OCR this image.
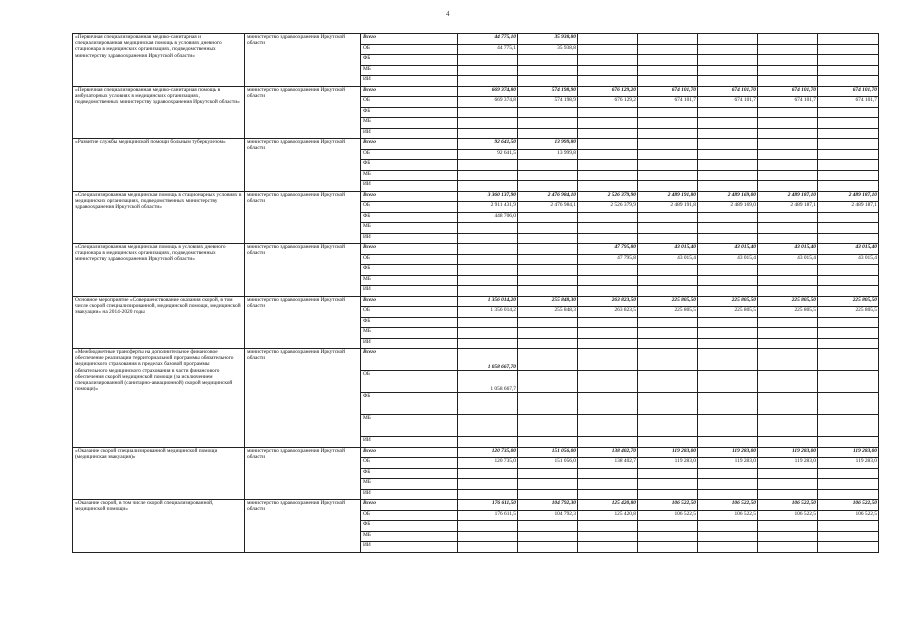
4
«Первичная специализированная медико-санитарная и специализированная медицинская помощь в условиях дневного стационара в медицинских организациях, подведомственных министерству здравоохранения Иркутской области»	министерство здравоохранения Иркутской области	Всего	44 775,10	35 938,80					
		ОБ	44 775,1	35 938,8					
		ФБ							
		МБ							
		ИИ							
«Первичная специализированная медико-санитарная помощь в амбулаторных условиях в медицинских организациях, подведомственных министерству здравоохранения Иркутской области»	министерство здравоохранения Иркутской области	Всего	669 374,80	574 198,90	676 129,20	674 101,70	674 101,70	674 101,70	674 101,70
		ОБ	669 374,8	574 198,9	676 129,2	674 101,7	674 101,7	674 101,7	674 101,7
		ФБ							
		МБ							
		ИИ							
«Развитие службы медицинской помощи больным туберкулезом»	министерство здравоохранения Иркутской области	Всего	92 641,50	13 999,80					
		ОБ	92 641,5	13 999,8					
		ФБ							
		МБ							
		ИИ							
«Специализированная медицинская помощь в стационарных условиях в медицинских организациях, подведомственных министерству здравоохранения Иркутской области»	министерство здравоохранения Иркутской области	Всего	3 360 137,90	2 476 984,10	2 526 379,90	2 489 191,80	2 489 169,00	2 489 187,10	2 489 187,10
		ОБ	2 911 431,9	2 476 984,1	2 526 379,9	2 489 191,8	2 489 169,0	2 489 187,1	2 489 187,1
		ФБ	448 706,0						
		МБ							
		ИИ							
«Специализированная медицинская помощь в условиях дневного стационара в медицинских организациях, подведомственных министерству здравоохранения Иркутской области»	министерство здравоохранения Иркутской области	Всего			47 795,80	43 015,40	43 015,40	43 015,40	43 015,40
		ОБ			47 795,8	43 015,4	43 015,4	43 015,4	43 015,4
		ФБ							
		МБ							
		ИИ							
Основное мероприятие «Совершенствование оказания скорой, в том числе скорой специализированной, медицинской помощи, медицинской эвакуации» на 2014-2020 годы	министерство здравоохранения Иркутской области	Всего	1 356 014,20	255 848,30	263 823,50	225 805,50	225 805,50	225 805,50	225 805,50
		ОБ	1 356 014,2	255 848,3	263 823,5	225 805,5	225 805,5	225 805,5	225 805,5
		ФБ							
		МБ							
		ИИ							
«Межбюджетные трансферты на дополнительное финансовое обеспечение реализации территориальной программы обязательного медицинского страхования в пределах базовой программы обязательного медицинского страхования в части финансового обеспечения скорой медицинской помощи (за исключением специализированной (санитарно-авиационной) скорой медицинской помощи)»	министерство здравоохранения Иркутской области	Всего	1 058 667,70						
		ОБ	1 058 667,7						
		ФБ							
		МБ							
		ИИ							
«Оказание скорой специализированной медицинской помощи (медицинская эвакуация)»	министерство здравоохранения Иркутской области	Всего	120 735,00	151 056,00	138 402,70	119 283,00	119 283,00	119 283,00	119 283,00
		ОБ	120 735,0	151 056,0	138 402,7	119 283,0	119 283,0	119 283,0	119 283,0
		ФБ							
		МБ							
		ИИ							
«Оказание скорой, в том числе скорой специализированной, медицинской помощи»	министерство здравоохранения Иркутской области	Всего	176 611,50	104 792,30	125 420,80	106 522,50	106 522,50	106 522,50	106 522,50
		ОБ	176 611,5	104 792,3	125 420,8	106 522,5	106 522,5	106 522,5	106 522,5
		ФБ							
		МБ							
		ИИ							
